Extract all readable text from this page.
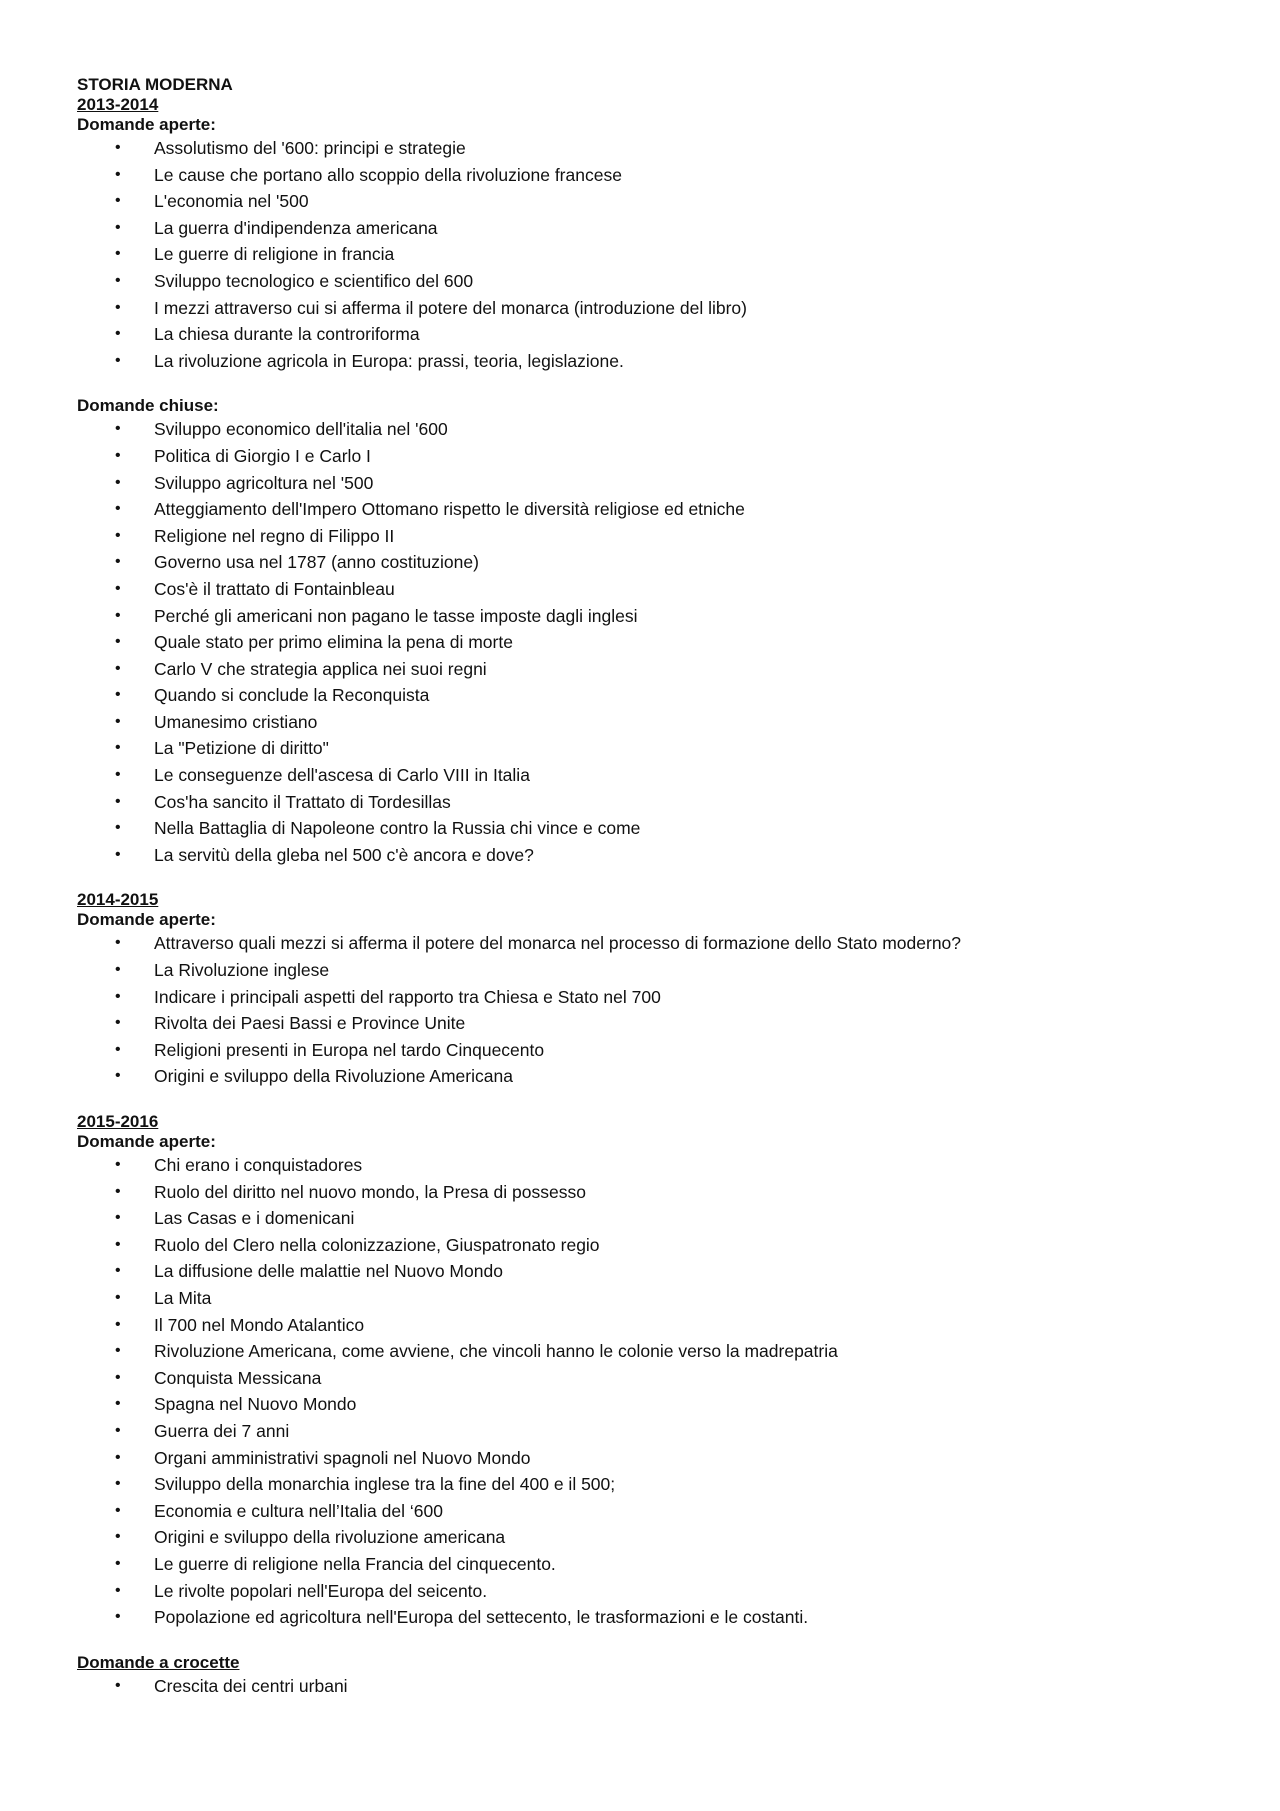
STORIA MODERNA

2013-2014

Domande aperte:

• Assolutismo del '600: principi e strategie
• Le cause che portano allo scoppio della rivoluzione francese
• L'economia nel '500
• La guerra d'indipendenza americana
• Le guerre di religione in francia
• Sviluppo tecnologico e scientifico del 600
• I mezzi attraverso cui si afferma il potere del monarca (introduzione del libro)
• La chiesa durante la controriforma
• La rivoluzione agricola in Europa: prassi, teoria, legislazione.

Domande chiuse:

• Sviluppo economico dell'italia nel '600
• Politica di Giorgio I e Carlo I
• Sviluppo agricoltura nel '500
• Atteggiamento dell'Impero Ottomano rispetto le diversità religiose ed etniche
• Religione nel regno di Filippo II
• Governo usa nel 1787 (anno costituzione)
• Cos'è il trattato di Fontainbleau
• Perché gli americani non pagano le tasse imposte dagli inglesi
• Quale stato per primo elimina la pena di morte
• Carlo V che strategia applica nei suoi regni
• Quando si conclude la Reconquista
• Umanesimo cristiano
• La "Petizione di diritto"
• Le conseguenze dell'ascesa di Carlo VIII in Italia
• Cos'ha sancito il Trattato di Tordesillas
• Nella Battaglia di Napoleone contro la Russia chi vince e come
• La servitù della gleba nel 500 c'è ancora e dove?

2014-2015

Domande aperte:

• Attraverso quali mezzi si afferma il potere del monarca nel processo di formazione dello Stato moderno?
• La Rivoluzione inglese
• Indicare i principali aspetti del rapporto tra Chiesa e Stato nel 700
• Rivolta dei Paesi Bassi e Province Unite
• Religioni presenti in Europa nel tardo Cinquecento
• Origini e sviluppo della Rivoluzione Americana

2015-2016

Domande aperte:

• Chi erano i conquistadores
• Ruolo del diritto nel nuovo mondo, la Presa di possesso
• Las Casas e i domenicani
• Ruolo del Clero nella colonizzazione, Giuspatronato regio
• La diffusione delle malattie nel Nuovo Mondo
• La Mita
• Il 700 nel Mondo Atalantico
• Rivoluzione Americana, come avviene, che vincoli hanno le colonie verso la madrepatria
• Conquista Messicana
• Spagna nel Nuovo Mondo
• Guerra dei 7 anni
• Organi amministrativi spagnoli nel Nuovo Mondo
• Sviluppo della monarchia inglese tra la fine del 400 e il 500;
• Economia e cultura nell’Italia del ‘600
• Origini e sviluppo della rivoluzione americana
• Le guerre di religione nella Francia del cinquecento.
• Le rivolte popolari nell'Europa del seicento.
• Popolazione ed agricoltura nell'Europa del settecento, le trasformazioni e le costanti.

Domande a crocette

• Crescita dei centri urbani
